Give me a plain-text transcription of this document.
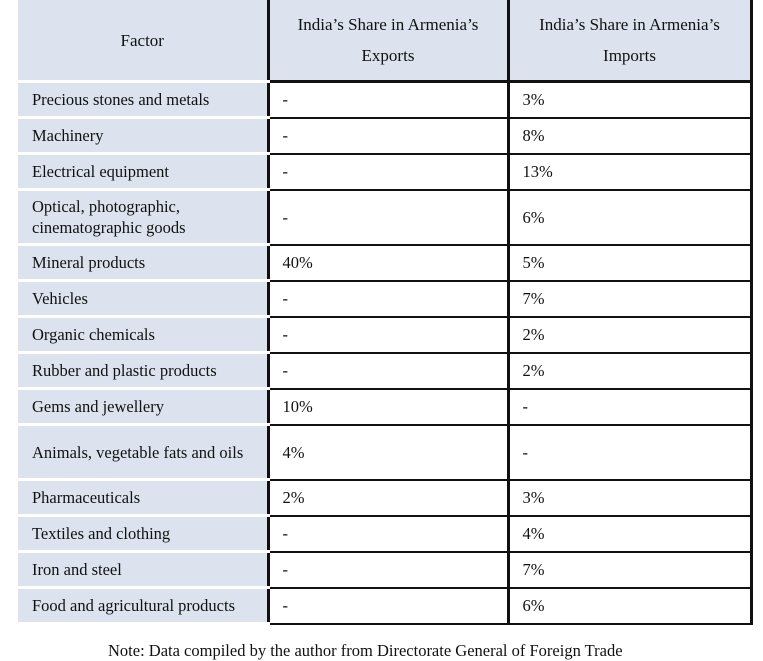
Factor	India’s Share in Armenia’s Exports	India’s Share in Armenia’s Imports
Precious stones and metals	-	3%
Machinery	-	8%
Electrical equipment	-	13%
Optical, photographic, cinematographic goods	-	6%
Mineral products	40%	5%
Vehicles	-	7%
Organic chemicals	-	2%
Rubber and plastic products	-	2%
Gems and jewellery	10%	-
Animals, vegetable fats and oils	4%	-
Pharmaceuticals	2%	3%
Textiles and clothing	-	4%
Iron and steel	-	7%
Food and agricultural products	-	6%
Note: Data compiled by the author from Directorate General of Foreign Trade
